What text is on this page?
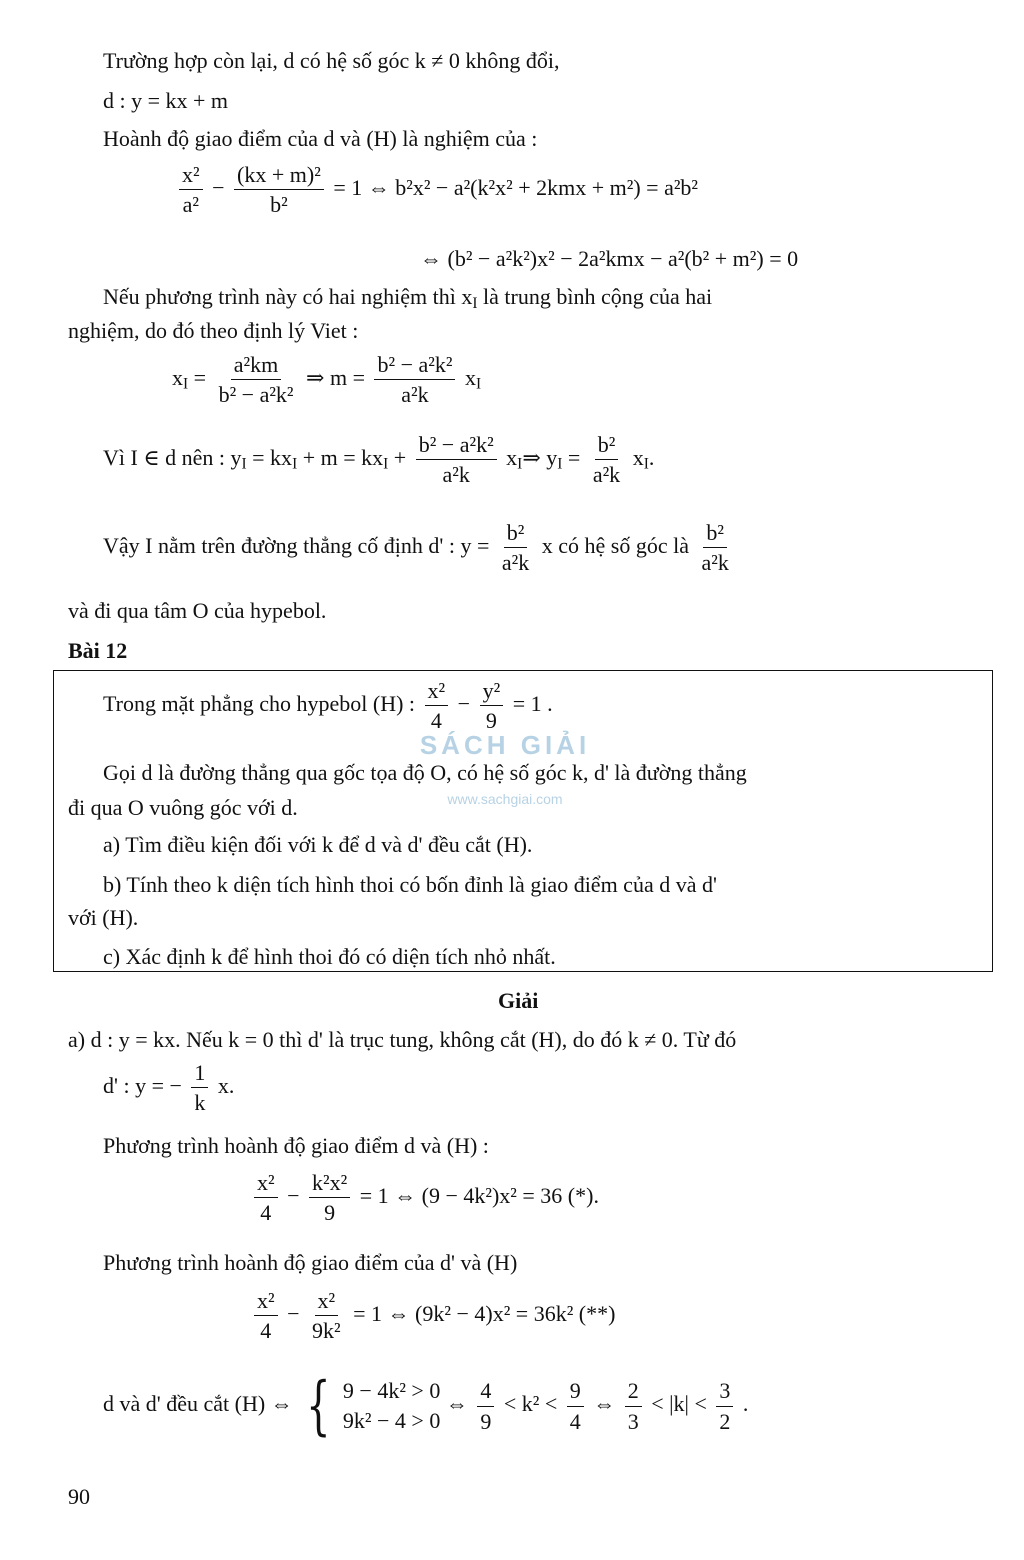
Trường hợp còn lại, d có hệ số góc k ≠ 0 không đổi,
d : y = kx + m
Hoành độ giao điểm của d và (H) là nghiệm của :
$\frac{\text{x²}}{\text{a²}} - \frac{\text{(kx + m)²}}{\text{b²}} = 1$ ⇔ b²x² − a²(k²x² + 2kmx + m²) = a²b²
⇔ (b² − a²k²)x² − 2a²kmx − a²(b² + m²) = 0
Nếu phương trình này có hai nghiệm thì $x_I$ là trung bình cộng của hai
nghiệm, do đó theo định lý Viet :
$x_I = \frac{\text{a²km}}{\text{b² − a²k²}}$ ⇒ $m = \frac{\text{b² − a²k²}}{\text{a²k}} x_I$
Vì I ∈ d nên : $y_I = kx_I + m = kx_I + \frac{\text{b² − a²k²}}{\text{a²k}}$ $x_I\Rightarrow$ $y_I = \frac{\text{b²}}{\text{a²k}} x_I$.
Vậy I nằm trên đường thẳng cố định d' : $y = \frac{\text{b²}}{\text{a²k}}$ x có hệ số góc là $\frac{\text{b²}}{\text{a²k}}$
và đi qua tâm O của hypebol.
Bài 12
Trong mặt phẳng cho hypebol (H) : $\frac{\text{x²}}{4} - \frac{\text{y²}}{9} = 1$ .
Gọi d là đường thẳng qua gốc tọa độ O, có hệ số góc k, d' là đường thẳng
đi qua O vuông góc với d.
a) Tìm điều kiện đối với k để d và d' đều cắt (H).
b) Tính theo k diện tích hình thoi có bốn đỉnh là giao điểm của d và d'
với (H).
c) Xác định k để hình thoi đó có diện tích nhỏ nhất.
SÁCH GIẢI
www.sachgiai.com
Giải
a) d : y = kx. Nếu k = 0 thì d' là trục tung, không cắt (H), do đó k ≠ 0. Từ đó
d' : y = − $\frac{1}{k} x$.
Phương trình hoành độ giao điểm d và (H) :
$\frac{\text{x²}}{4} - \frac{\text{k²x²}}{9} = 1$ ⇔ (9 − 4k²)x² = 36 (*).
Phương trình hoành độ giao điểm của d' và (H)
$\frac{\text{x²}}{4} - \frac{\text{x²}}{\text{9k²}} = 1$ ⇔ (9k² − 4)x² = 36k² (**)
d và d' đều cắt (H) ⇔ { 9 − 4k² > 0
9k² − 4 > 0
⇔ $\frac{4}{9} < k^2 < \frac{9}{4}$ ⇔ $\frac{2}{3} < |k| < \frac{3}{2}$ .
90
